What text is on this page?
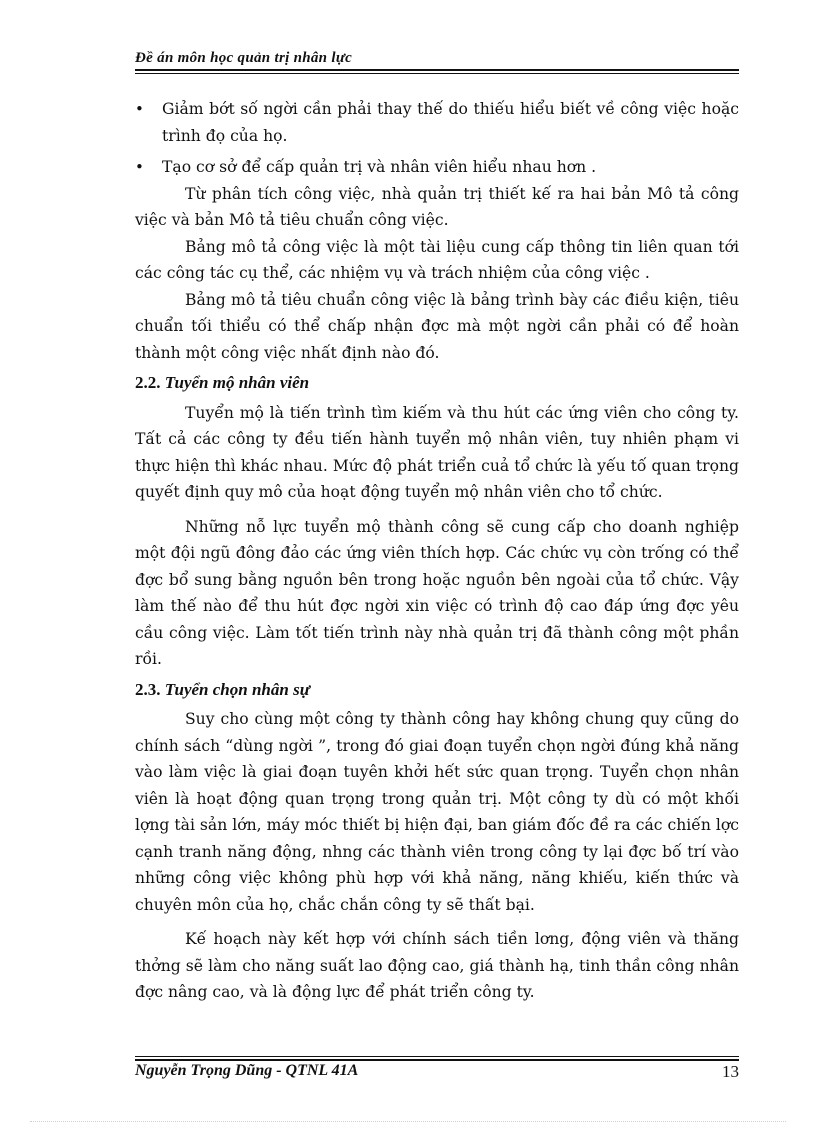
Đề án môn học quản trị nhân lực

• Giảm bớt số ngời cần phải thay thế do thiếu hiểu biết về công việc hoặc trình đọ của họ.

• Tạo cơ sở để cấp quản trị và nhân viên hiểu nhau hơn .

Từ phân tích công việc, nhà quản trị thiết kế ra hai bản Mô tả công việc và bản Mô tả tiêu chuẩn công việc.

Bảng mô tả công việc là một tài liệu cung cấp thông tin liên quan tới các công tác cụ thể, các nhiệm vụ và trách nhiệm của công việc .

Bảng mô tả tiêu chuẩn công việc là bảng trình bày các điều kiện, tiêu chuẩn tối thiểu có thể chấp nhận đợc mà một ngời cần phải có để hoàn thành một công việc nhất định nào đó.

2.2. Tuyển mộ nhân viên

Tuyển mộ là tiến trình tìm kiếm và thu hút các ứng viên cho công ty. Tất cả các công ty đều tiến hành tuyển mộ nhân viên, tuy nhiên phạm vi thực hiện thì khác nhau. Mức độ phát triển cuả tổ chức là yếu tố quan trọng quyết định quy mô của hoạt động tuyển mộ nhân viên cho tổ chức.

Những nỗ lực tuyển mộ thành công sẽ cung cấp cho doanh nghiệp một đội ngũ đông đảo các ứng viên thích hợp. Các chức vụ còn trống có thể đợc bổ sung bằng nguồn bên trong hoặc nguồn bên ngoài của tổ chức. Vậy làm thế nào để thu hút đợc ngời xin việc có trình độ cao đáp ứng đợc yêu cầu công việc. Làm tốt tiến trình này nhà quản trị đã thành công một phần rồi.

2.3. Tuyển chọn nhân sự

Suy cho cùng một công ty thành công hay không chung quy cũng do chính sách “dùng ngời ”, trong đó giai đoạn tuyển chọn ngời đúng khả năng vào làm việc là giai đoạn tuyên khởi hết sức quan trọng. Tuyển chọn nhân viên là hoạt động quan trọng trong quản trị. Một công ty dù có một khối lợng tài sản lớn, máy móc thiết bị hiện đại, ban giám đốc đề ra các chiến lợc cạnh tranh năng động, nhng các thành viên trong công ty lại đợc bố trí vào những công việc không phù hợp với khả năng, năng khiếu, kiến thức và chuyên môn của họ, chắc chắn công ty sẽ thất bại.

Kế hoạch này kết hợp với chính sách tiền lơng, động viên và thăng thởng sẽ làm cho năng suất lao động cao, giá thành hạ, tinh thần công nhân đợc nâng cao, và là động lực để phát triển công ty.

Nguyễn Trọng Dũng - QTNL 41A	13
